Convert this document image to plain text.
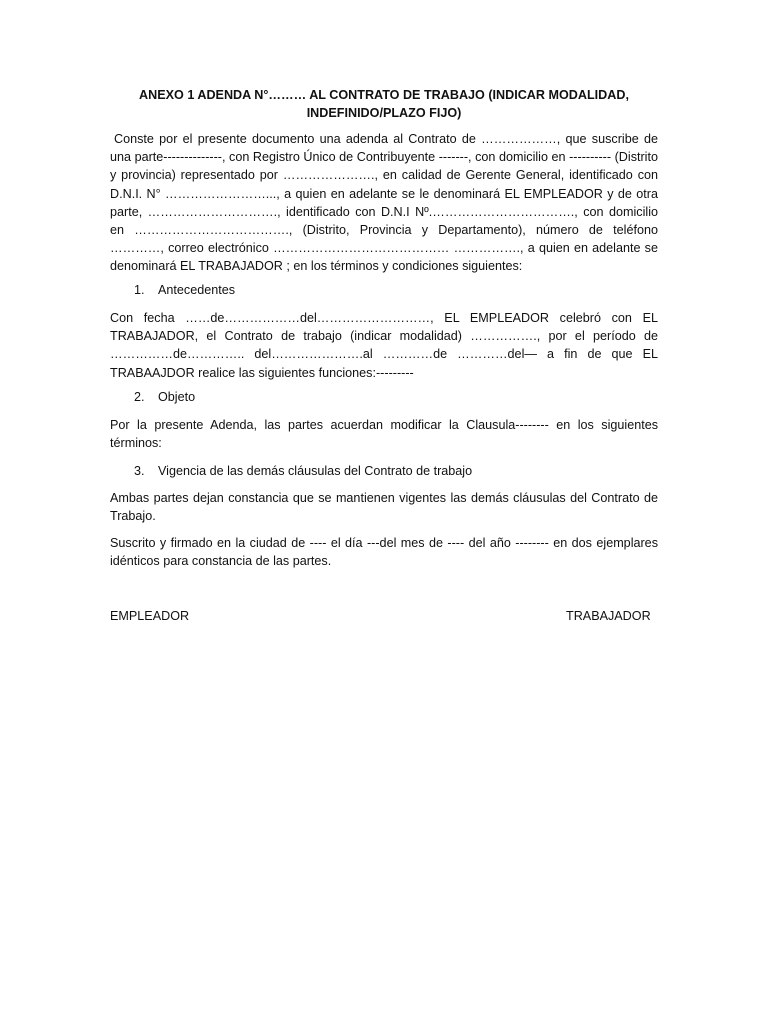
ANEXO 1 ADENDA N°……… AL CONTRATO DE TRABAJO (INDICAR MODALIDAD, INDEFINIDO/PLAZO FIJO)
Conste por el presente documento una adenda al Contrato de ………………, que suscribe de una parte--------------, con Registro Único de Contribuyente -------, con domicilio en ---------- (Distrito y provincia) representado por …………………., en calidad de Gerente General, identificado con D.N.I. N° ……………………..., a quien en adelante se le denominará EL EMPLEADOR y de otra parte, …………………………., identificado con D.N.I Nº.……………………………., con domicilio en ………………………………., (Distrito, Provincia y Departamento), número de teléfono …………, correo electrónico …………………………………… ……………., a quien en adelante se denominará EL TRABAJADOR ; en los términos y condiciones siguientes:
1. Antecedentes
Con fecha ……de………………del………………………, EL EMPLEADOR celebró con EL TRABAJADOR, el Contrato de trabajo (indicar modalidad) ……………., por el período de ……………de………….. del………………….al …………de …………del— a fin de que EL TRABAAJDOR realice las siguientes funciones:---------
2. Objeto
Por la presente Adenda, las partes acuerdan modificar la Clausula-------- en los siguientes términos:
3. Vigencia de las demás cláusulas del Contrato de trabajo
Ambas partes dejan constancia que se mantienen vigentes las demás cláusulas del Contrato de Trabajo.
Suscrito y firmado en la ciudad de ---- el día ---del mes de ---- del año -------- en dos ejemplares idénticos para constancia de las partes.
EMPLEADOR	TRABAJADOR
